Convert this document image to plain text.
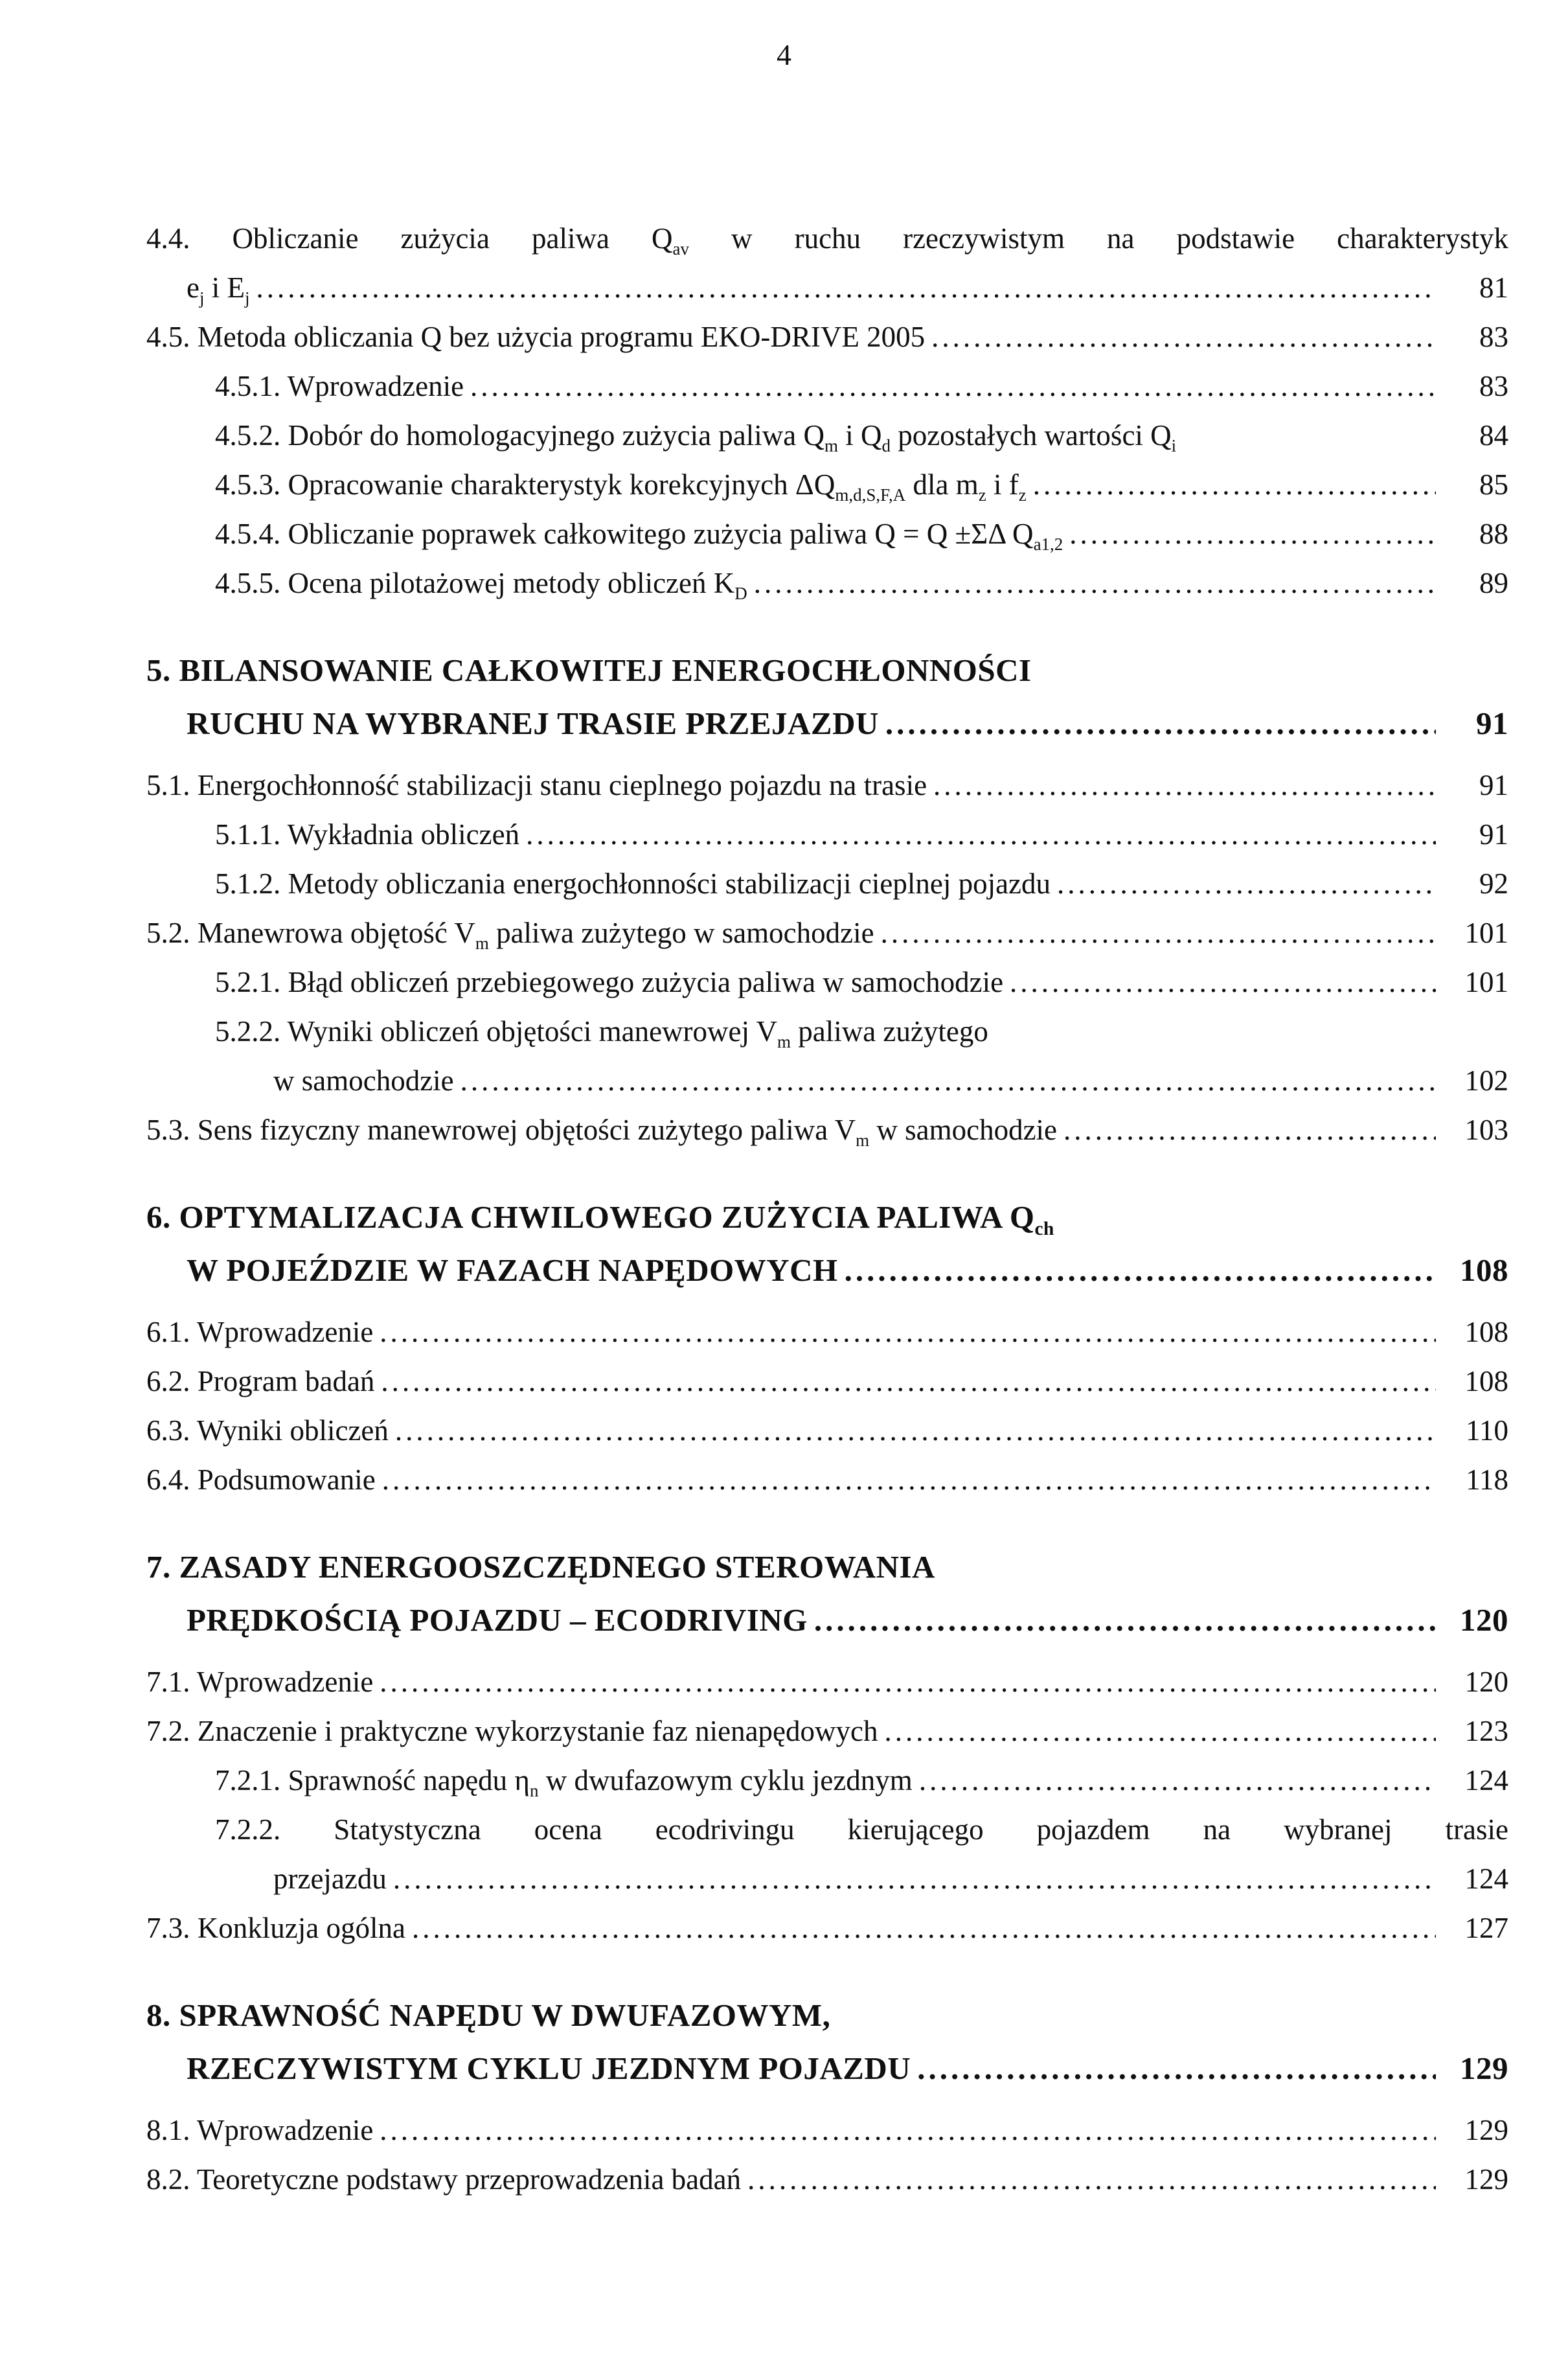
4
4.4. Obliczanie zużycia paliwa $Q_{av}$ w ruchu rzeczywistym na podstawie charakterystyk
$e_j$ i $E_j$ .....	81
4.5. Metoda obliczania Q bez użycia programu EKO-DRIVE 2005 .....	83
4.5.1. Wprowadzenie .....	83
4.5.2. Dobór do homologacyjnego zużycia paliwa $Q_m$ i $Q_d$ pozostałych wartości $Q_i$	84
4.5.3. Opracowanie charakterystyk korekcyjnych $\Delta Q_{m,d,S,F,A}$ dla $m_z$ i $f_z$ .....	85
4.5.4. Obliczanie poprawek całkowitego zużycia paliwa Q = Q ±ΣΔ $Q_{a1,2}$ .....	88
4.5.5. Ocena pilotażowej metody obliczeń $K_D$ .....	89
5. BILANSOWANIE CAŁKOWITEJ ENERGOCHŁONNOŚCI
RUCHU NA WYBRANEJ TRASIE PRZEJAZDU .....	91
5.1. Energochłonność stabilizacji stanu cieplnego pojazdu na trasie .....	91
5.1.1. Wykładnia obliczeń .....	91
5.1.2. Metody obliczania energochłonności stabilizacji cieplnej pojazdu .....	92
5.2. Manewrowa objętość $V_m$ paliwa zużytego w samochodzie .....	101
5.2.1. Błąd obliczeń przebiegowego zużycia paliwa w samochodzie .....	101
5.2.2. Wyniki obliczeń objętości manewrowej $V_m$ paliwa zużytego
w samochodzie .....	102
5.3. Sens fizyczny manewrowej objętości zużytego paliwa $V_m$ w samochodzie .....	103
6. OPTYMALIZACJA CHWILOWEGO ZUŻYCIA PALIWA $Q_{ch}$
W POJEŹDZIE W FAZACH NAPĘDOWYCH .....	108
6.1. Wprowadzenie .....	108
6.2. Program badań .....	108
6.3. Wyniki obliczeń .....	110
6.4. Podsumowanie .....	118
7. ZASADY ENERGOOSZCZĘDNEGO STEROWANIA
PRĘDKOŚCIĄ POJAZDU – ECODRIVING .....	120
7.1. Wprowadzenie .....	120
7.2. Znaczenie i praktyczne wykorzystanie faz nienapędowych .....	123
7.2.1. Sprawność napędu $\eta_n$ w dwufazowym cyklu jezdnym .....	124
7.2.2. Statystyczna ocena ecodrivingu kierującego pojazdem na wybranej trasie
przejazdu .....	124
7.3. Konkluzja ogólna .....	127
8. SPRAWNOŚĆ NAPĘDU W DWUFAZOWYM,
RZECZYWISTYM CYKLU JEZDNYM POJAZDU .....	129
8.1. Wprowadzenie .....	129
8.2. Teoretyczne podstawy przeprowadzenia badań .....	129
